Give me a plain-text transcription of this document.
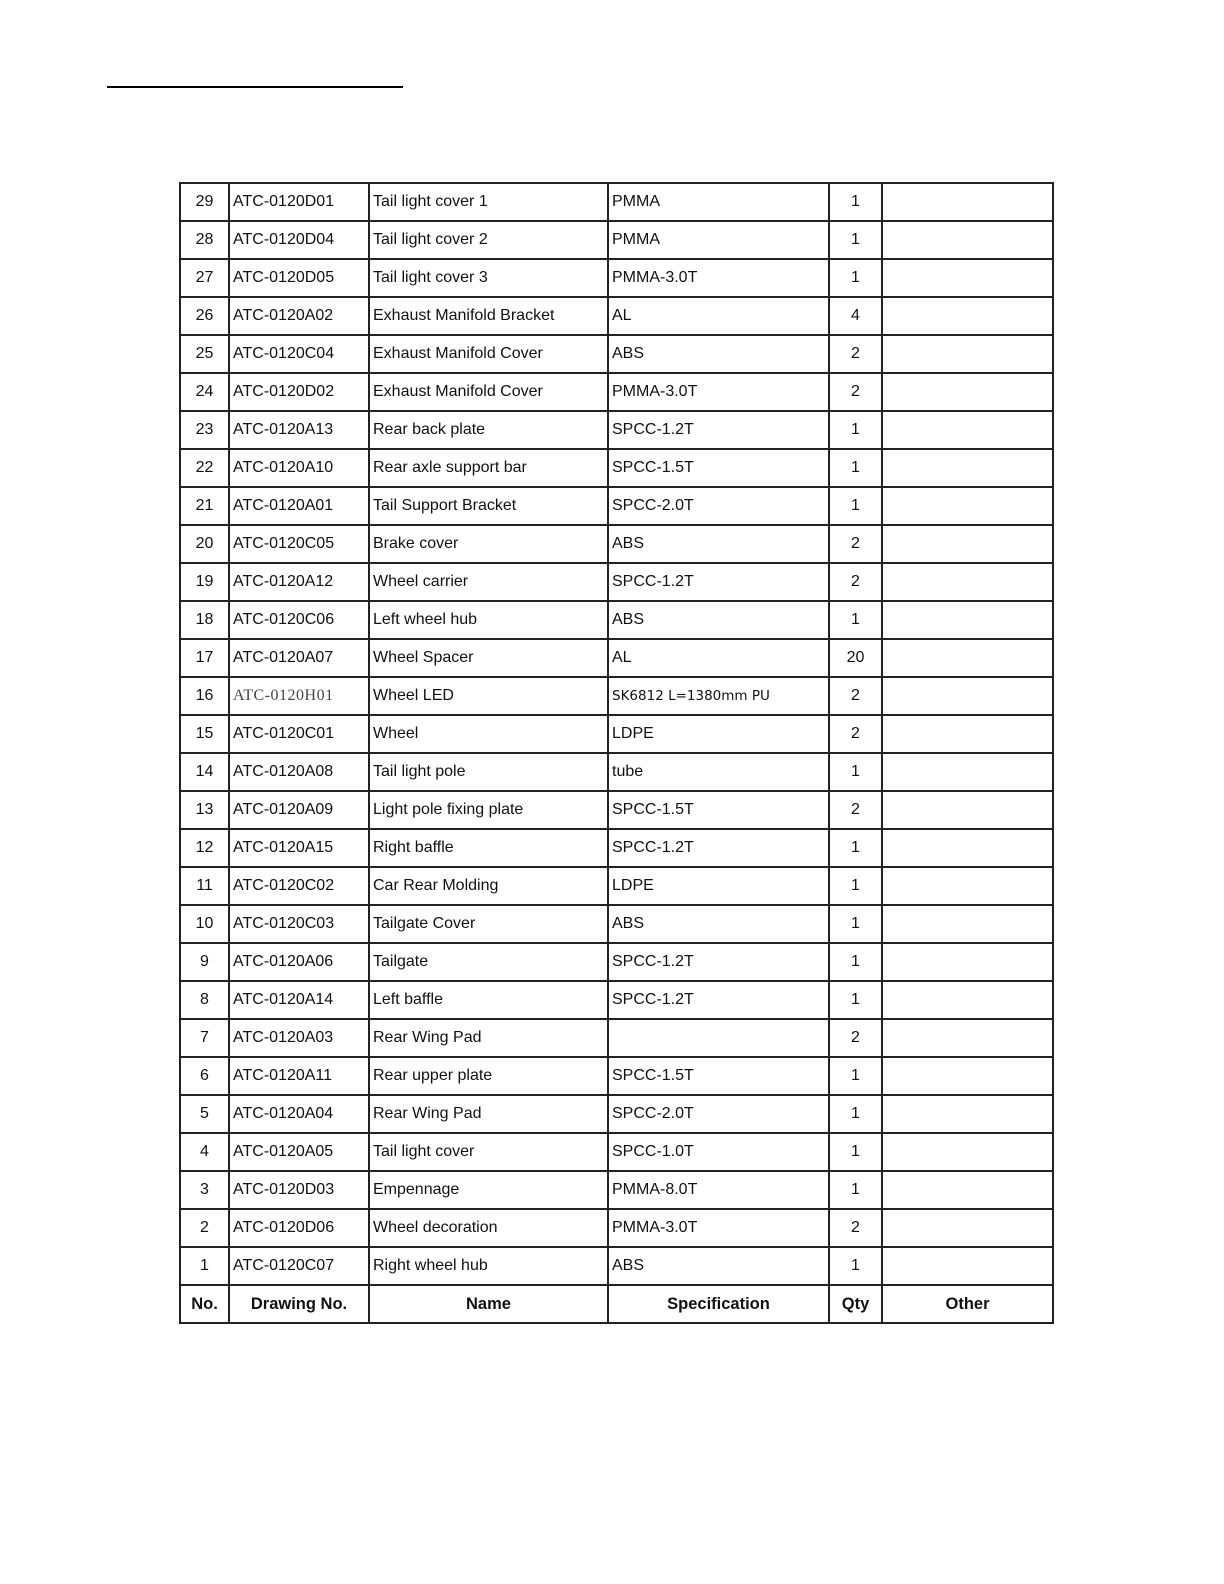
29	ATC-0120D01	Tail light cover 1	PMMA	1	
28	ATC-0120D04	Tail light cover 2	PMMA	1	
27	ATC-0120D05	Tail light cover 3	PMMA-3.0T	1	
26	ATC-0120A02	Exhaust Manifold Bracket	AL	4	
25	ATC-0120C04	Exhaust Manifold Cover	ABS	2	
24	ATC-0120D02	Exhaust Manifold Cover	PMMA-3.0T	2	
23	ATC-0120A13	Rear back plate	SPCC-1.2T	1	
22	ATC-0120A10	Rear axle support bar	SPCC-1.5T	1	
21	ATC-0120A01	Tail Support Bracket	SPCC-2.0T	1	
20	ATC-0120C05	Brake cover	ABS	2	
19	ATC-0120A12	Wheel carrier	SPCC-1.2T	2	
18	ATC-0120C06	Left wheel hub	ABS	1	
17	ATC-0120A07	Wheel Spacer	AL	20	
16	ATC-0120H01	Wheel LED	SK6812 L=1380mm PU	2	
15	ATC-0120C01	Wheel	LDPE	2	
14	ATC-0120A08	Tail light pole	tube	1	
13	ATC-0120A09	Light pole fixing plate	SPCC-1.5T	2	
12	ATC-0120A15	Right baffle	SPCC-1.2T	1	
11	ATC-0120C02	Car Rear Molding	LDPE	1	
10	ATC-0120C03	Tailgate Cover	ABS	1	
9	ATC-0120A06	Tailgate	SPCC-1.2T	1	
8	ATC-0120A14	Left baffle	SPCC-1.2T	1	
7	ATC-0120A03	Rear Wing Pad		2	
6	ATC-0120A11	Rear upper plate	SPCC-1.5T	1	
5	ATC-0120A04	Rear Wing Pad	SPCC-2.0T	1	
4	ATC-0120A05	Tail light cover	SPCC-1.0T	1	
3	ATC-0120D03	Empennage	PMMA-8.0T	1	
2	ATC-0120D06	Wheel decoration	PMMA-3.0T	2	
1	ATC-0120C07	Right wheel hub	ABS	1	
No.	Drawing No.	Name	Specification	Qty	Other
